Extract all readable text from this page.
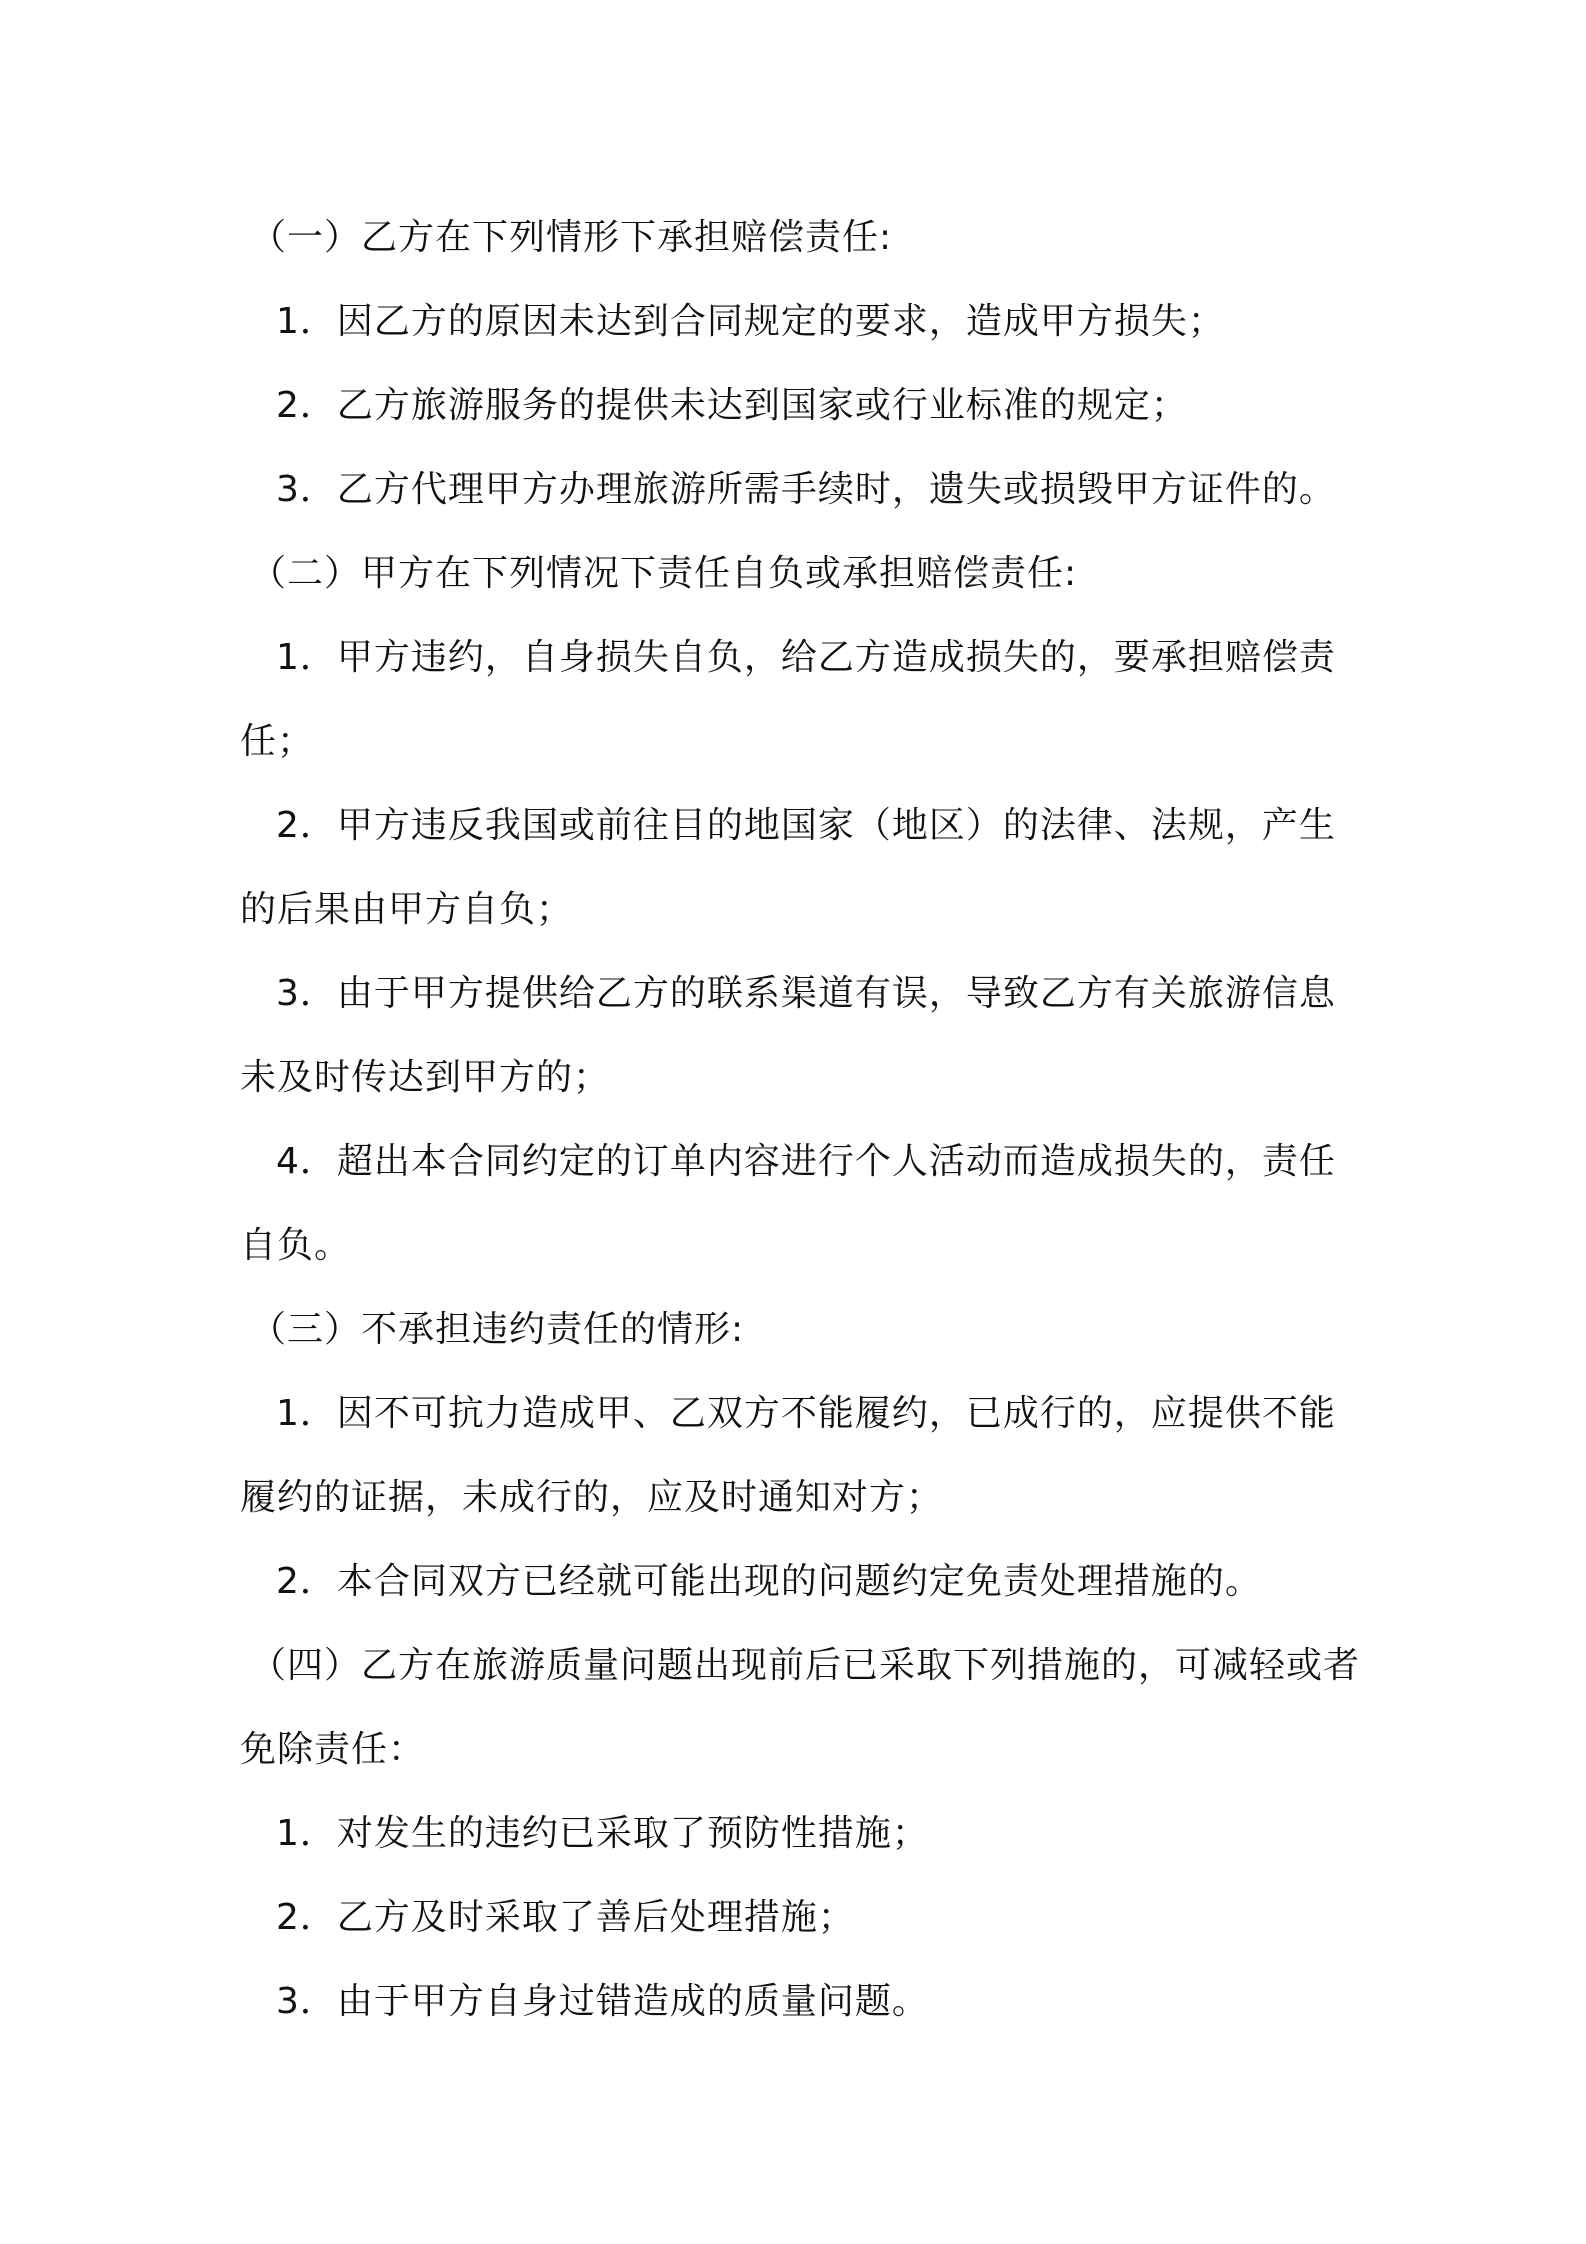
（一）乙方在下列情形下承担赔偿责任:
1．因乙方的原因未达到合同规定的要求，造成甲方损失；
2．乙方旅游服务的提供未达到国家或行业标准的规定；
3．乙方代理甲方办理旅游所需手续时，遗失或损毁甲方证件的。
（二）甲方在下列情况下责任自负或承担赔偿责任:
1．甲方违约，自身损失自负，给乙方造成损失的，要承担赔偿责
任；
2．甲方违反我国或前往目的地国家（地区）的法律、法规，产生
的后果由甲方自负；
3．由于甲方提供给乙方的联系渠道有误，导致乙方有关旅游信息
未及时传达到甲方的；
4．超出本合同约定的订单内容进行个人活动而造成损失的，责任
自负。
（三）不承担违约责任的情形:
1．因不可抗力造成甲、乙双方不能履约，已成行的，应提供不能
履约的证据，未成行的，应及时通知对方；
2．本合同双方已经就可能出现的问题约定免责处理措施的。
（四）乙方在旅游质量问题出现前后已采取下列措施的，可减轻或者
免除责任：
1．对发生的违约已采取了预防性措施；
2．乙方及时采取了善后处理措施；
3．由于甲方自身过错造成的质量问题。
